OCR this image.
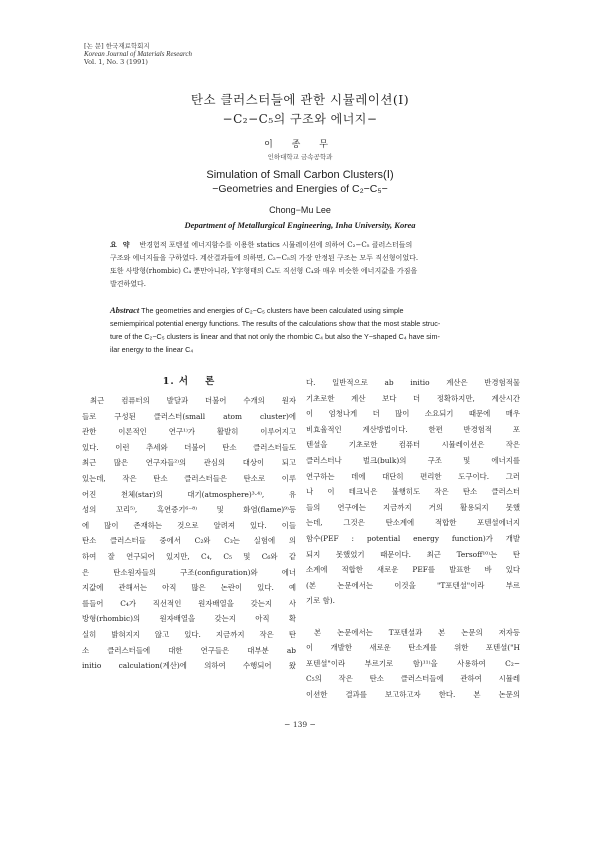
[논 문] 한국재료학회지
Korean Journal of Materials Research
Vol. 1, No. 3 (1991)
탄소 클러스터들에 관한 시뮬레이션(Ⅰ)
−C₂−C₅의 구조와 에너지−
이 종 무
인하대학교 금속공학과
Simulation of Small Carbon Clusters(Ⅰ)
−Geometries and Energies of C₂−C₅−
Chong−Mu Lee
Department of Metallurgical Engineering, Inha University, Korea
요약 반경험적 포텐셜 에너지함수를 이용한 statics 시뮬레이션에 의하여 C₂−C₅ 클러스터들의
구조와 에너지들을 구하였다. 계산결과들에 의하면, C₂−C₅의 가장 안정된 구조는 모두 직선형이었다.
또한 사방형(rhombic) C₄ 뿐만아니라, Y字형태의 C₄도 직선형 C₄와 매우 비슷한 에너지값을 가짐을
발견하였다.
Abstract The geometries and energies of C₂−C₅ clusters have been calculated using simple
semiempirical potential energy functions. The results of the calculations show that the most stable struc-
ture of the C₂−C₅ clusters is linear and that not only the rhombic C₄ but also the Y−shaped C₄ have sim-
ilar energy to the linear C₄
1. 서 론
최근 컴퓨터의 발달과 더불어 수개의 원자
들로 구성된 클러스터(small atom cluster)에
관한 이론적인 연구¹⁾가 활발히 이루어지고
있다. 이런 추세와 더불어 탄소 클러스터들도
최근 많은 연구자들²⁾의 관심의 대상이 되고
있는데, 작은 탄소 클러스터들은 탄소로 이루
어진 천체(star)의 대기(atmosphere)³·⁴⁾, 유
성의 꼬리⁵⁾, 흑연증기⁶⁻⁸⁾ 및 화염(flame)⁹⁾등
에 많이 존재하는 것으로 알려져 있다. 이들
탄소 클러스터들 중에서 C₂와 C₃는 실험에 의
하여 잘 연구되어 있지만, C₄, C₅ 및 C₆와 같
은 탄소원자들의 구조(configuration)와 에너
지값에 관해서는 아직 많은 논란이 있다. 예
를들어 C₄가 직선적인 원자배열을 갖는지 사
방형(rhombic)의 원자배열을 갖는지 아직 확
실히 밝혀지지 않고 있다. 지금까지 작은 탄
소 클러스터들에 대한 연구들은 대부분 ab
initio calculation(계산)에 의하여 수행되어 왔
다. 일반적으로 ab initio 계산은 반경험적물
기초로한 계산 보다 더 정확하지만, 계산시간
이 엄청나게 더 많이 소요되기 때문에 매우
비효율적인 계산방법이다. 한편 반경험적 포
텐셜을 기초로한 컴퓨터 시뮬레이션은 작은
클러스터나 벌크(bulk)의 구조 및 에너지를
연구하는 데에 대단히 편리한 도구이다. 그러
나 이 테크닉은 불행히도 작은 탄소 클러스터
들의 연구에는 지금까지 거의 활용되지 못했
는데, 그것은 탄소계에 적합한 포텐셜에너지
함수(PEF : potential energy function)가 개발
되지 못했었기 때문이다. 최근 Tersoff¹⁰⁾는 탄
소계에 적합한 새로운 PEF를 발표한 바 있다
(본 논문에서는 이것을 "T포텐셜"이라 부르
기로 함).

본 논문에서는 T포텐셜과 본 논문의 저자등
이 개발한 새로운 탄소계를 위한 포텐셜("H
포텐셜"이라 부르기로 함)¹¹⁾을 사용하여 C₂−
C₅의 작은 탄소 클러스터들에 관하여 시뮬레
이션한 결과를 보고하고자 한다. 본 논문의
− 139 −
